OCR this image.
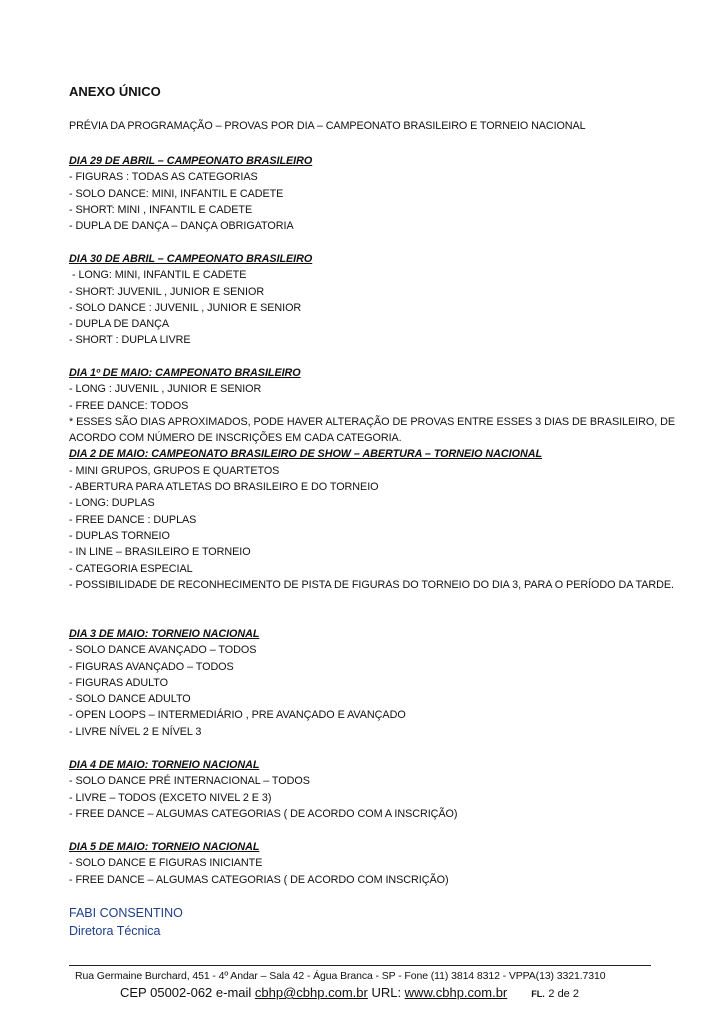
ANEXO ÚNICO
PRÉVIA DA PROGRAMAÇÃO – PROVAS POR DIA – CAMPEONATO BRASILEIRO E TORNEIO NACIONAL
DIA 29 DE ABRIL – CAMPEONATO BRASILEIRO
- FIGURAS : TODAS AS CATEGORIAS
- SOLO DANCE: MINI, INFANTIL E CADETE
- SHORT: MINI , INFANTIL E CADETE
- DUPLA DE DANÇA – DANÇA OBRIGATORIA
DIA 30 DE ABRIL – CAMPEONATO BRASILEIRO
- LONG: MINI, INFANTIL E CADETE
- SHORT: JUVENIL , JUNIOR E SENIOR
- SOLO DANCE : JUVENIL , JUNIOR E SENIOR
- DUPLA DE DANÇA
- SHORT : DUPLA LIVRE
DIA 1º DE MAIO: CAMPEONATO BRASILEIRO
- LONG : JUVENIL , JUNIOR E SENIOR
- FREE DANCE: TODOS
* ESSES SÃO DIAS APROXIMADOS, PODE HAVER ALTERAÇÃO DE PROVAS ENTRE ESSES 3 DIAS DE BRASILEIRO, DE ACORDO COM NÚMERO DE INSCRIÇÕES EM CADA CATEGORIA.
DIA 2 DE MAIO: CAMPEONATO BRASILEIRO DE SHOW – ABERTURA – TORNEIO NACIONAL
- MINI GRUPOS, GRUPOS E QUARTETOS
- ABERTURA PARA ATLETAS DO BRASILEIRO E DO TORNEIO
- LONG: DUPLAS
- FREE DANCE : DUPLAS
- DUPLAS TORNEIO
- IN LINE – BRASILEIRO E TORNEIO
- CATEGORIA ESPECIAL
- POSSIBILIDADE DE RECONHECIMENTO DE PISTA DE FIGURAS DO TORNEIO DO DIA 3, PARA O PERÍODO DA TARDE.
DIA 3 DE MAIO: TORNEIO NACIONAL
- SOLO DANCE AVANÇADO – TODOS
- FIGURAS AVANÇADO – TODOS
- FIGURAS ADULTO
- SOLO DANCE ADULTO
- OPEN LOOPS – INTERMEDIÁRIO , PRE AVANÇADO E AVANÇADO
- LIVRE NÍVEL 2 E NÍVEL 3
DIA 4 DE MAIO: TORNEIO NACIONAL
- SOLO DANCE PRÉ INTERNACIONAL – TODOS
- LIVRE – TODOS (EXCETO NIVEL 2 E 3)
- FREE DANCE – ALGUMAS CATEGORIAS ( DE ACORDO COM A INSCRIÇÃO)
DIA 5 DE MAIO: TORNEIO NACIONAL
- SOLO DANCE E FIGURAS INICIANTE
- FREE DANCE – ALGUMAS CATEGORIAS ( DE ACORDO COM INSCRIÇÃO)
FABI CONSENTINO
Diretora Técnica
Rua Germaine Burchard, 451 - 4º Andar – Sala 42 - Água Branca - SP - Fone (11) 3814 8312 - VPPA(13) 3321.7310
CEP 05002-062 e-mail cbhp@cbhp.com.br URL: www.cbhp.com.br	FL. 2 de 2
